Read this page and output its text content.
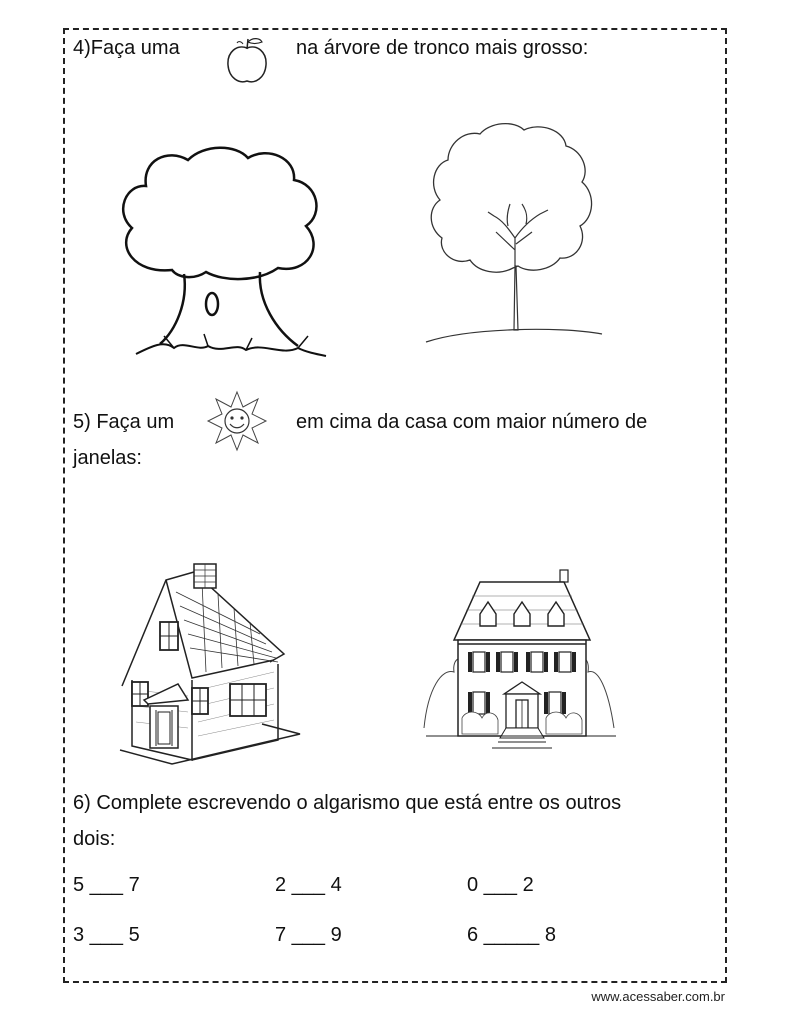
4)Faça uma	na árvore de tronco mais grosso:
5) Faça um	em cima da casa com maior número de
janelas:
6) Complete escrevendo o algarismo que está entre os outros
dois:
5 ___ 7	2 ___ 4	0 ___ 2
3 ___ 5	7 ___ 9	6 _____ 8
www.acessaber.com.br
